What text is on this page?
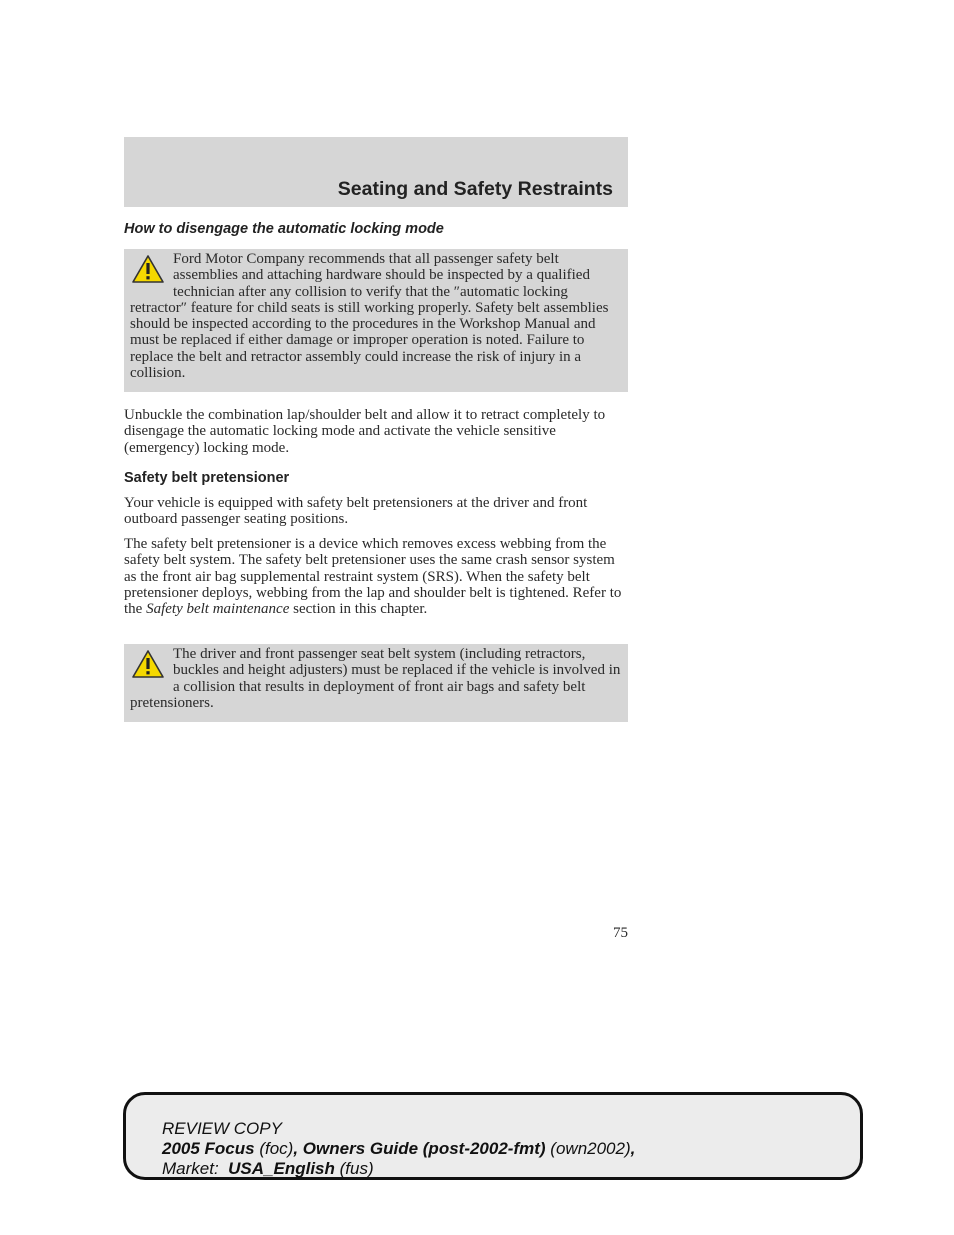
Seating and Safety Restraints
How to disengage the automatic locking mode
Ford Motor Company recommends that all passenger safety belt assemblies and attaching hardware should be inspected by a qualified technician after any collision to verify that the ″automatic locking retractor″ feature for child seats is still working properly. Safety belt assemblies should be inspected according to the procedures in the Workshop Manual and must be replaced if either damage or improper operation is noted. Failure to replace the belt and retractor assembly could increase the risk of injury in a collision.

Unbuckle the combination lap/shoulder belt and allow it to retract completely to disengage the automatic locking mode and activate the vehicle sensitive (emergency) locking mode.

Safety belt pretensioner

Your vehicle is equipped with safety belt pretensioners at the driver and front outboard passenger seating positions.

The safety belt pretensioner is a device which removes excess webbing from the safety belt system. The safety belt pretensioner uses the same crash sensor system as the front air bag supplemental restraint system (SRS). When the safety belt pretensioner deploys, webbing from the lap and shoulder belt is tightened. Refer to the Safety belt maintenance section in this chapter.

The driver and front passenger seat belt system (including retractors, buckles and height adjusters) must be replaced if the vehicle is involved in a collision that results in deployment of front air bags and safety belt pretensioners.
75
REVIEW COPY
2005 Focus (foc), Owners Guide (post-2002-fmt) (own2002),
Market: USA_English (fus)
